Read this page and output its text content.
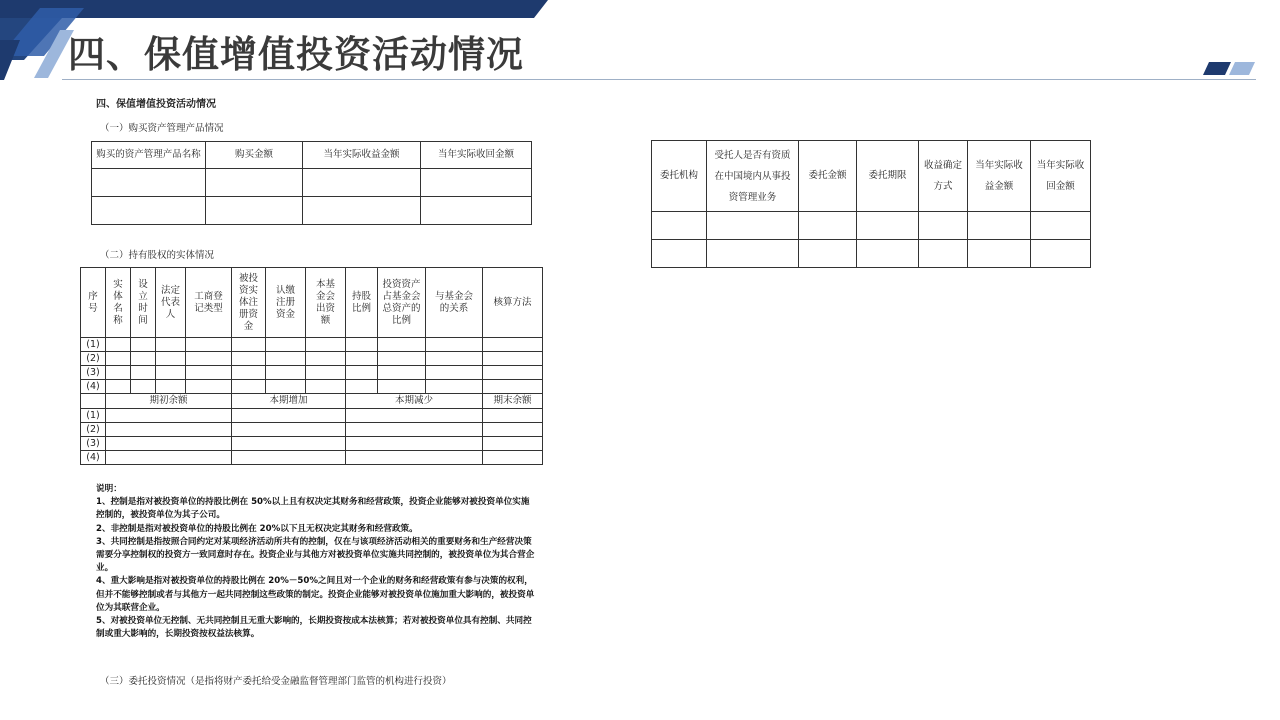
四、保值增值投资活动情况
四、保值增值投资活动情况
（一）购买资产管理产品情况
购买的资产管理产品名称	购买金额	当年实际收益金额	当年实际收回金额

（二）持有股权的实体情况
序号	实体名称	设立时间	法定代表人	工商登记类型	被投资实体注册资金	认缴注册资金	本基金会出资额	持股比例	投资资产占基金会总资产的比例	与基金会的关系	核算方法
(1)											
(2)											
(3)											
(4)											
	期初余额				本期增加			本期减少			期末余额
(1)											
(2)											
(3)											
(4)											
说明：
1、控制是指对被投资单位的持股比例在 50%以上且有权决定其财务和经营政策，投资企业能够对被投资单位实施控制的，被投资单位为其子公司。
2、非控制是指对被投资单位的持股比例在 20%以下且无权决定其财务和经营政策。
3、共同控制是指按照合同约定对某项经济活动所共有的控制，仅在与该项经济活动相关的重要财务和生产经营决策需要分享控制权的投资方一致同意时存在。投资企业与其他方对被投资单位实施共同控制的，被投资单位为其合营企业。
4、重大影响是指对被投资单位的持股比例在 20%－50%之间且对一个企业的财务和经营政策有参与决策的权利，但并不能够控制或者与其他方一起共同控制这些政策的制定。投资企业能够对被投资单位施加重大影响的，被投资单位为其联营企业。
5、对被投资单位无控制、无共同控制且无重大影响的，长期投资按成本法核算；若对被投资单位具有控制、共同控制或重大影响的，长期投资按权益法核算。
（三）委托投资情况（是指将财产委托给受金融监督管理部门监管的机构进行投资）
委托机构	受托人是否有资质在中国境内从事投资管理业务	委托金额	委托期限	收益确定方式	当年实际收益金额	当年实际收回金额
